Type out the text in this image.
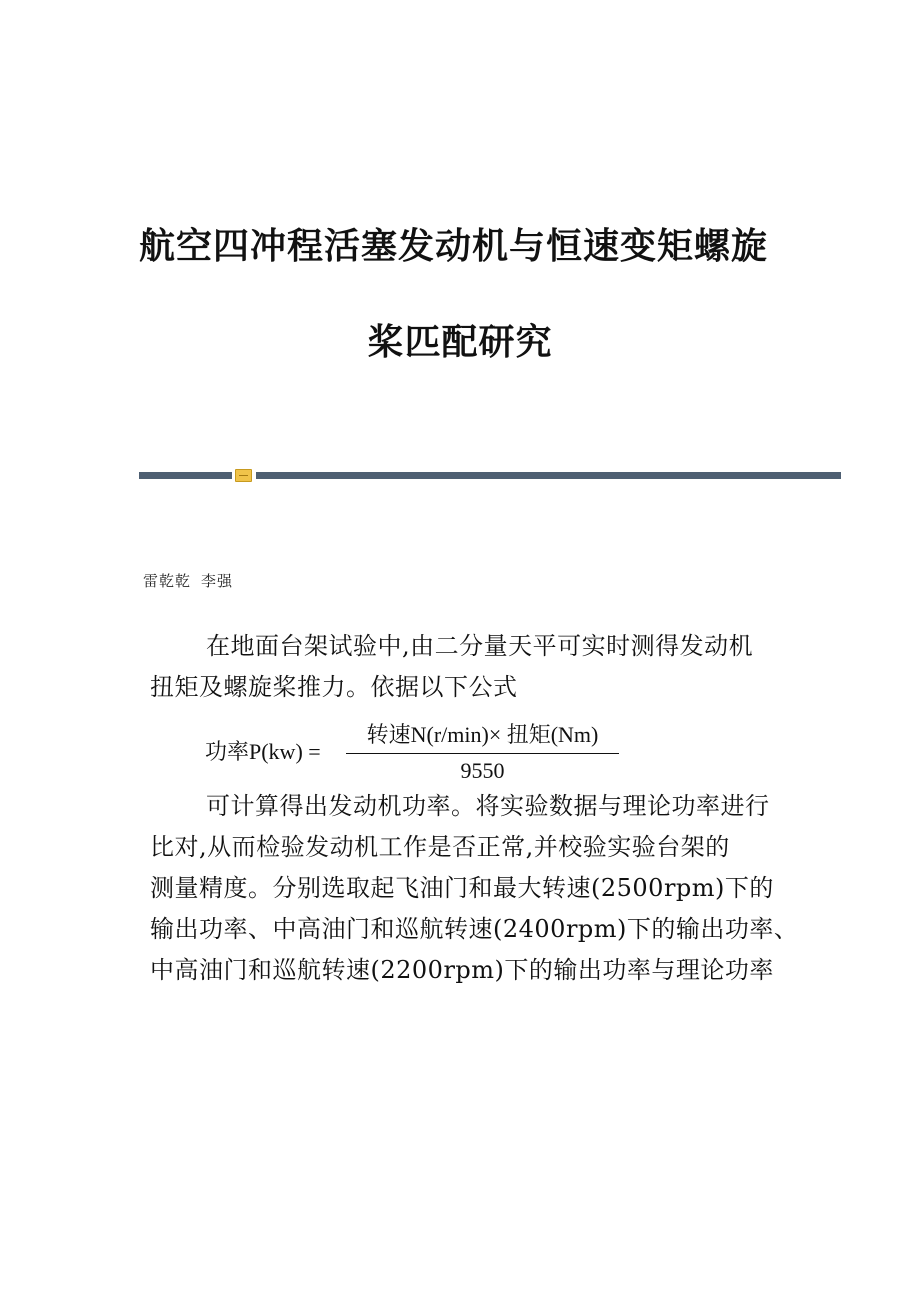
航空四冲程活塞发动机与恒速变矩螺旋
桨匹配研究
雷乾乾 李强
在地面台架试验中,由二分量天平可实时测得发动机
扭矩及螺旋桨推力。依据以下公式
功率P(kw) =
转速N(r/min)× 扭矩(Nm)
9550
可计算得出发动机功率。将实验数据与理论功率进行
比对,从而检验发动机工作是否正常,并校验实验台架的
测量精度。分别选取起飞油门和最大转速(2500rpm)下的
输出功率、中高油门和巡航转速(2400rpm)下的输出功率、
中高油门和巡航转速(2200rpm)下的输出功率与理论功率
